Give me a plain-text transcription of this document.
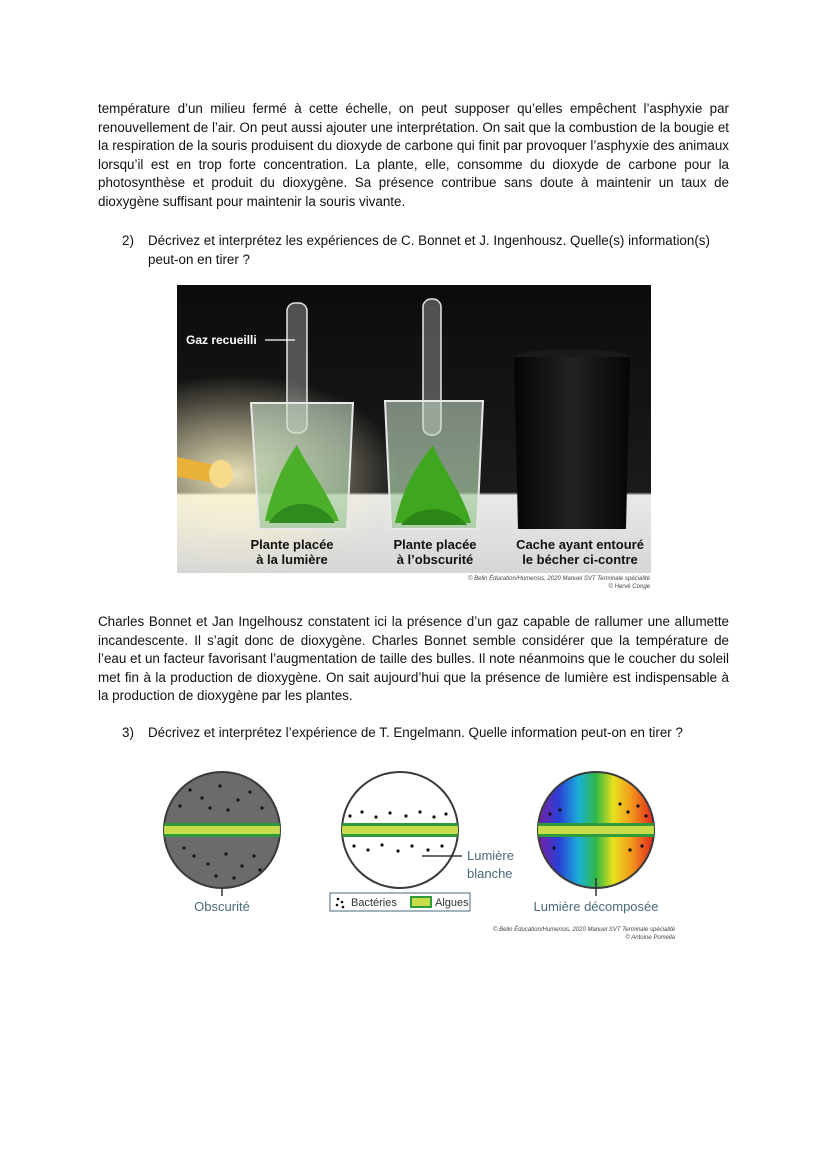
température d’un milieu fermé à cette échelle, on peut supposer qu’elles empêchent l’asphyxie par renouvellement de l’air. On peut aussi ajouter une interprétation. On sait que la combustion de la bougie et la respiration de la souris produisent du dioxyde de carbone qui finit par provoquer l’asphyxie des animaux lorsqu’il est en trop forte concentration. La plante, elle, consomme du dioxyde de carbone pour la photosynthèse et produit du dioxygène. Sa présence contribue sans doute à maintenir un taux de dioxygène suffisant pour maintenir la souris vivante.

2) Décrivez et interprétez les expériences de C. Bonnet et J. Ingenhousz. Quelle(s) information(s) peut-on en tirer ?
Gaz recueilli
Plante placée
à la lumière
Plante placée
à l’obscurité
Cache ayant entouré
le bécher ci-contre
© Belin Éducation/Humensis, 2020 Manuel SVT Terminale spécialité
© Hervé Conge

Charles Bonnet et Jan Ingelhousz constatent ici la présence d’un gaz capable de rallumer une allumette incandescente. Il s’agit donc de dioxygène. Charles Bonnet semble considérer que la température de l’eau et un facteur favorisant l’augmentation de taille des bulles. Il note néanmoins que le coucher du soleil met fin à la production de dioxygène. On sait aujourd’hui que la présence de lumière est indispensable à la production de dioxygène par les plantes.

3) Décrivez et interprétez l’expérience de T. Engelmann. Quelle information peut-on en tirer ?
Obscurité
Lumière
blanche
Lumière décomposée
Bactéries	Algues
© Belin Éducation/Humensis, 2020 Manuel SVT Terminale spécialité
© Antoine Pomella
